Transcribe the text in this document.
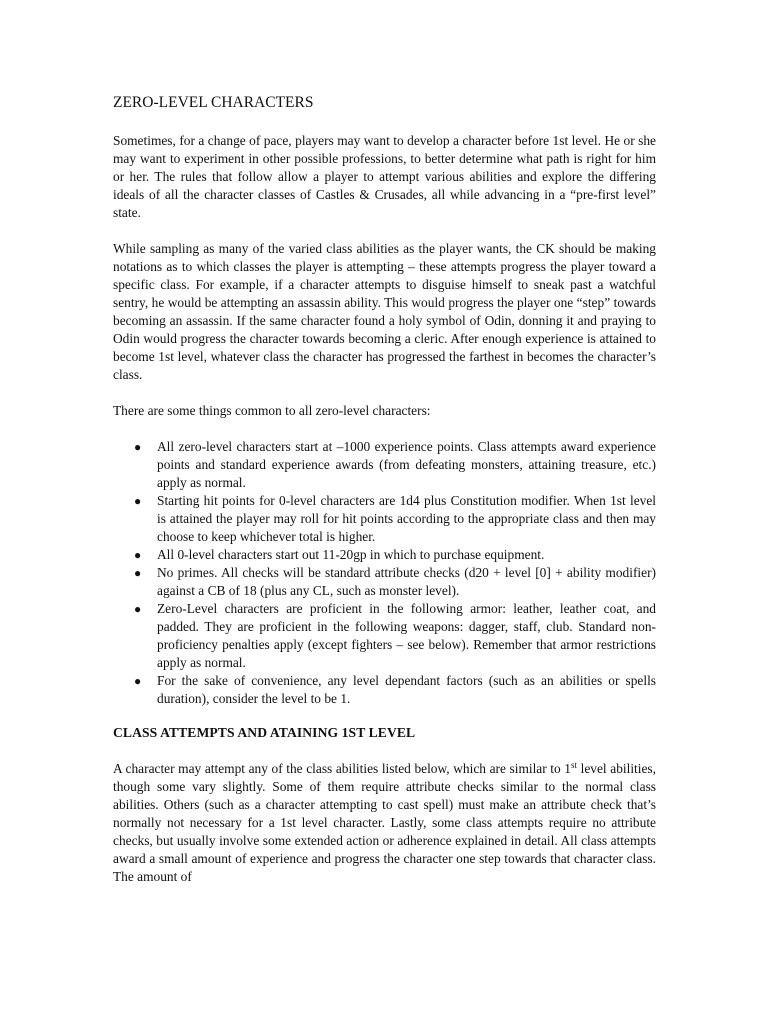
ZERO-LEVEL CHARACTERS

Sometimes, for a change of pace, players may want to develop a character before 1st level. He or she may want to experiment in other possible professions, to better determine what path is right for him or her. The rules that follow allow a player to attempt various abilities and explore the differing ideals of all the character classes of Castles & Crusades, all while advancing in a “pre-first level” state.

While sampling as many of the varied class abilities as the player wants, the CK should be making notations as to which classes the player is attempting – these attempts progress the player toward a specific class. For example, if a character attempts to disguise himself to sneak past a watchful sentry, he would be attempting an assassin ability. This would progress the player one “step” towards becoming an assassin. If the same character found a holy symbol of Odin, donning it and praying to Odin would progress the character towards becoming a cleric. After enough experience is attained to become 1st level, whatever class the character has progressed the farthest in becomes the character’s class.

There are some things common to all zero-level characters:

● All zero-level characters start at –1000 experience points. Class attempts award experience points and standard experience awards (from defeating monsters, attaining treasure, etc.) apply as normal.
● Starting hit points for 0-level characters are 1d4 plus Constitution modifier. When 1st level is attained the player may roll for hit points according to the appropriate class and then may choose to keep whichever total is higher.
● All 0-level characters start out 11-20gp in which to purchase equipment.
● No primes. All checks will be standard attribute checks (d20 + level [0] + ability modifier) against a CB of 18 (plus any CL, such as monster level).
● Zero-Level characters are proficient in the following armor: leather, leather coat, and padded. They are proficient in the following weapons: dagger, staff, club. Standard non-proficiency penalties apply (except fighters – see below). Remember that armor restrictions apply as normal.
● For the sake of convenience, any level dependant factors (such as an abilities or spells duration), consider the level to be 1.
CLASS ATTEMPTS AND ATAINING 1ST LEVEL

A character may attempt any of the class abilities listed below, which are similar to 1st level abilities, though some vary slightly. Some of them require attribute checks similar to the normal class abilities. Others (such as a character attempting to cast spell) must make an attribute check that’s normally not necessary for a 1st level character. Lastly, some class attempts require no attribute checks, but usually involve some extended action or adherence explained in detail. All class attempts award a small amount of experience and progress the character one step towards that character class. The amount of
